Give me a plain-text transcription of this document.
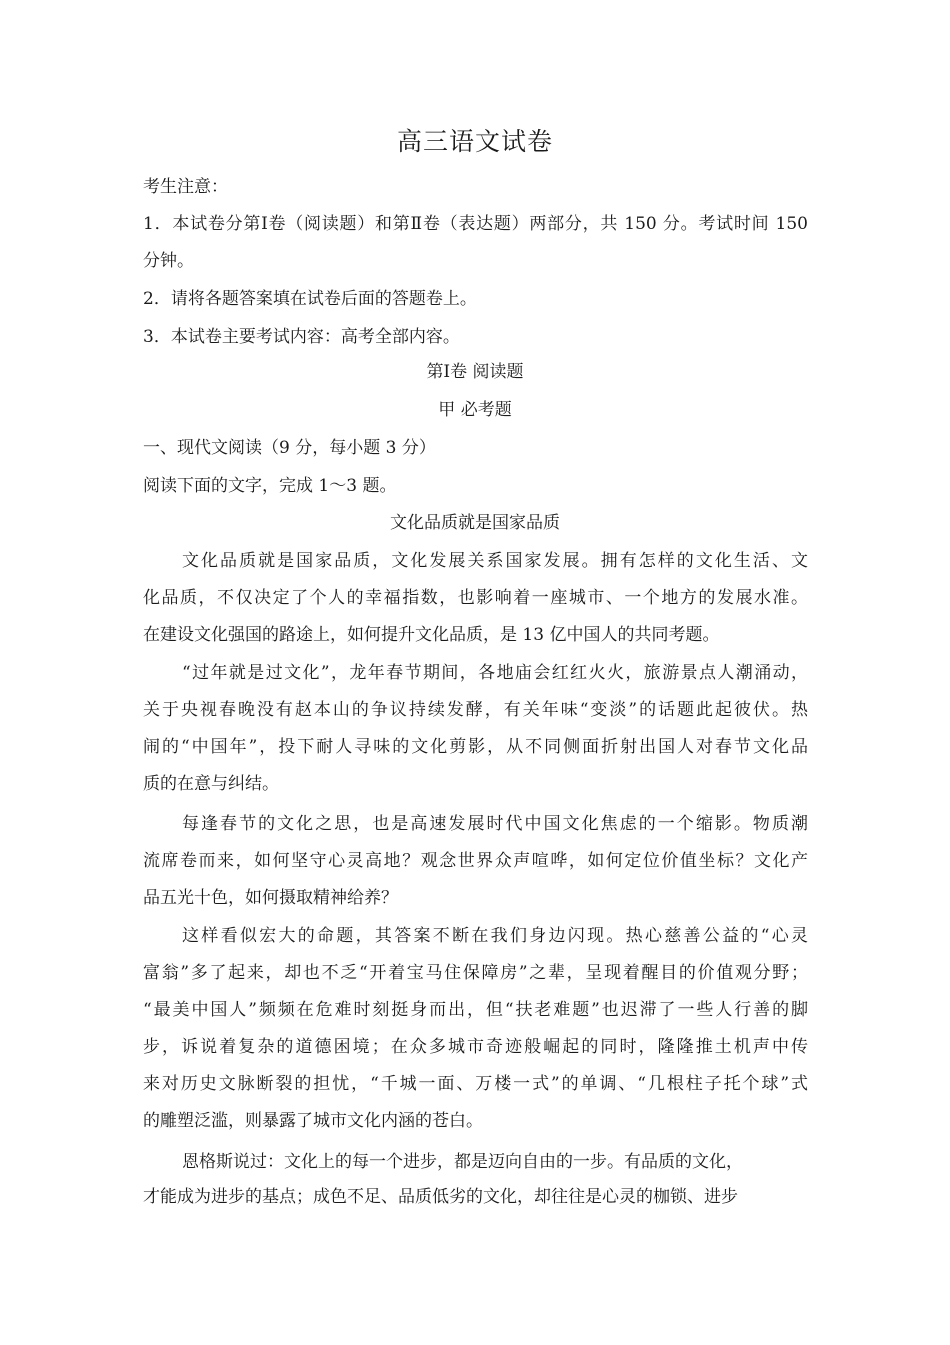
高三语文试卷
考生注意：
1．本试卷分第Ⅰ卷（阅读题）和第Ⅱ卷（表达题）两部分，共 150 分。考试时间 150
分钟。
2．请将各题答案填在试卷后面的答题卷上。
3．本试卷主要考试内容：高考全部内容。
第Ⅰ卷 阅读题
甲 必考题
一、现代文阅读（9 分，每小题 3 分）
阅读下面的文字，完成 1～3 题。
文化品质就是国家品质
文化品质就是国家品质，文化发展关系国家发展。拥有怎样的文化生活、文
化品质，不仅决定了个人的幸福指数，也影响着一座城市、一个地方的发展水准。
在建设文化强国的路途上，如何提升文化品质，是 13 亿中国人的共同考题。
“过年就是过文化”，龙年春节期间，各地庙会红红火火，旅游景点人潮涌动，
关于央视春晚没有赵本山的争议持续发酵，有关年味“变淡”的话题此起彼伏。热
闹的“中国年”，投下耐人寻味的文化剪影，从不同侧面折射出国人对春节文化品
质的在意与纠结。
每逢春节的文化之思，也是高速发展时代中国文化焦虑的一个缩影。物质潮
流席卷而来，如何坚守心灵高地？观念世界众声喧哗，如何定位价值坐标？文化产
品五光十色，如何摄取精神给养？
这样看似宏大的命题，其答案不断在我们身边闪现。热心慈善公益的“心灵
富翁”多了起来，却也不乏“开着宝马住保障房”之辈，呈现着醒目的价值观分野；
“最美中国人”频频在危难时刻挺身而出，但“扶老难题”也迟滞了一些人行善的脚
步，诉说着复杂的道德困境；在众多城市奇迹般崛起的同时，隆隆推土机声中传
来对历史文脉断裂的担忧，“千城一面、万楼一式”的单调、“几根柱子托个球”式
的雕塑泛滥，则暴露了城市文化内涵的苍白。
恩格斯说过：文化上的每一个进步，都是迈向自由的一步。有品质的文化，
才能成为进步的基点；成色不足、品质低劣的文化，却往往是心灵的枷锁、进步
